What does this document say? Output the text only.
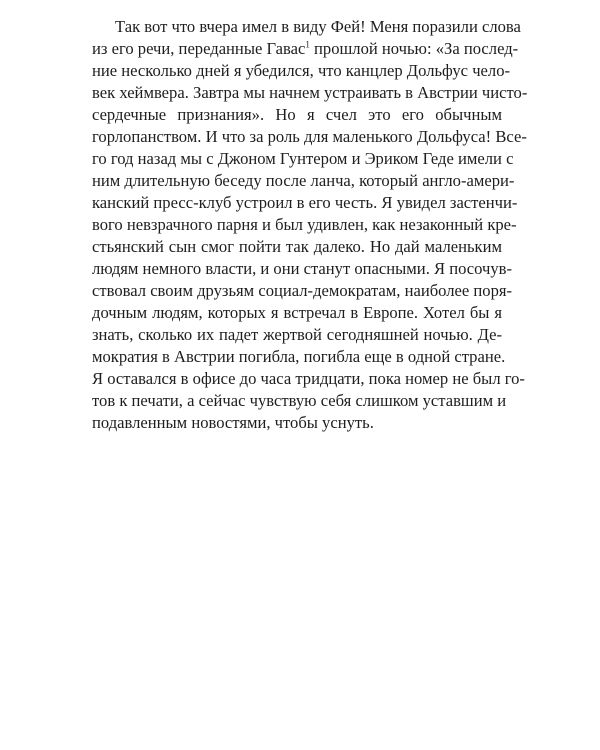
Так вот что вчера имел в виду Фей! Меня поразили слова
из его речи, переданные Гавас$^1$ прошлой ночью: «За послед-
ние несколько дней я убедился, что канцлер Дольфус чело-
век хеймвера. Завтра мы начнем устраивать в Австрии чисто-
сердечные признания». Но я счел это его обычным
горлопанством. И что за роль для маленького Дольфуса! Все-
го год назад мы с Джоном Гунтером и Эриком Геде имели с
ним длительную беседу после ланча, который англо-амери-
канский пресс-клуб устроил в его честь. Я увидел застенчи-
вого невзрачного парня и был удивлен, как незаконный кре-
стьянский сын смог пойти так далеко. Но дай маленьким
людям немного власти, и они станут опасными. Я посочув-
ствовал своим друзьям социал-демократам, наиболее поря-
дочным людям, которых я встречал в Европе. Хотел бы я
знать, сколько их падет жертвой сегодняшней ночью. Де-
мократия в Австрии погибла, погибла еще в одной стране.
Я оставался в офисе до часа тридцати, пока номер не был го-
тов к печати, а сейчас чувствую себя слишком уставшим и
подавленным новостями, чтобы уснуть.
